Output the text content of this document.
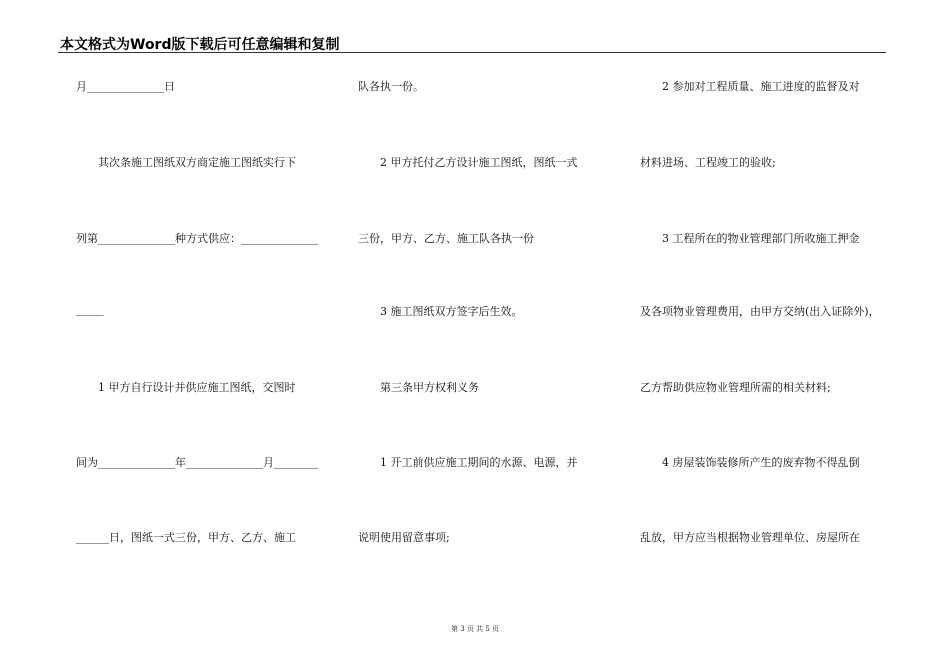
本文格式为Word版下载后可任意编辑和复制
月______________日
其次条施工图纸双方商定施工图纸实行下
列第______________种方式供应：______________
_____
1 甲方自行设计并供应施工图纸，交图时
间为______________年______________月________
______日，图纸一式三份，甲方、乙方、施工
队各执一份。
2 甲方托付乙方设计施工图纸，图纸一式
三份，甲方、乙方、施工队各执一份
3 施工图纸双方签字后生效。
第三条甲方权利义务
1 开工前供应施工期间的水源、电源，并
说明使用留意事项;
2 参加对工程质量、施工进度的监督及对
材料进场、工程竣工的验收;
3 工程所在的物业管理部门所收施工押金
及各项物业管理费用，由甲方交纳(出入证除外)，
乙方帮助供应物业管理所需的相关材料;
4 房屋装饰装修所产生的废弃物不得乱倒
乱放，甲方应当根据物业管理单位、房屋所在
第 3 页 共 5 页
